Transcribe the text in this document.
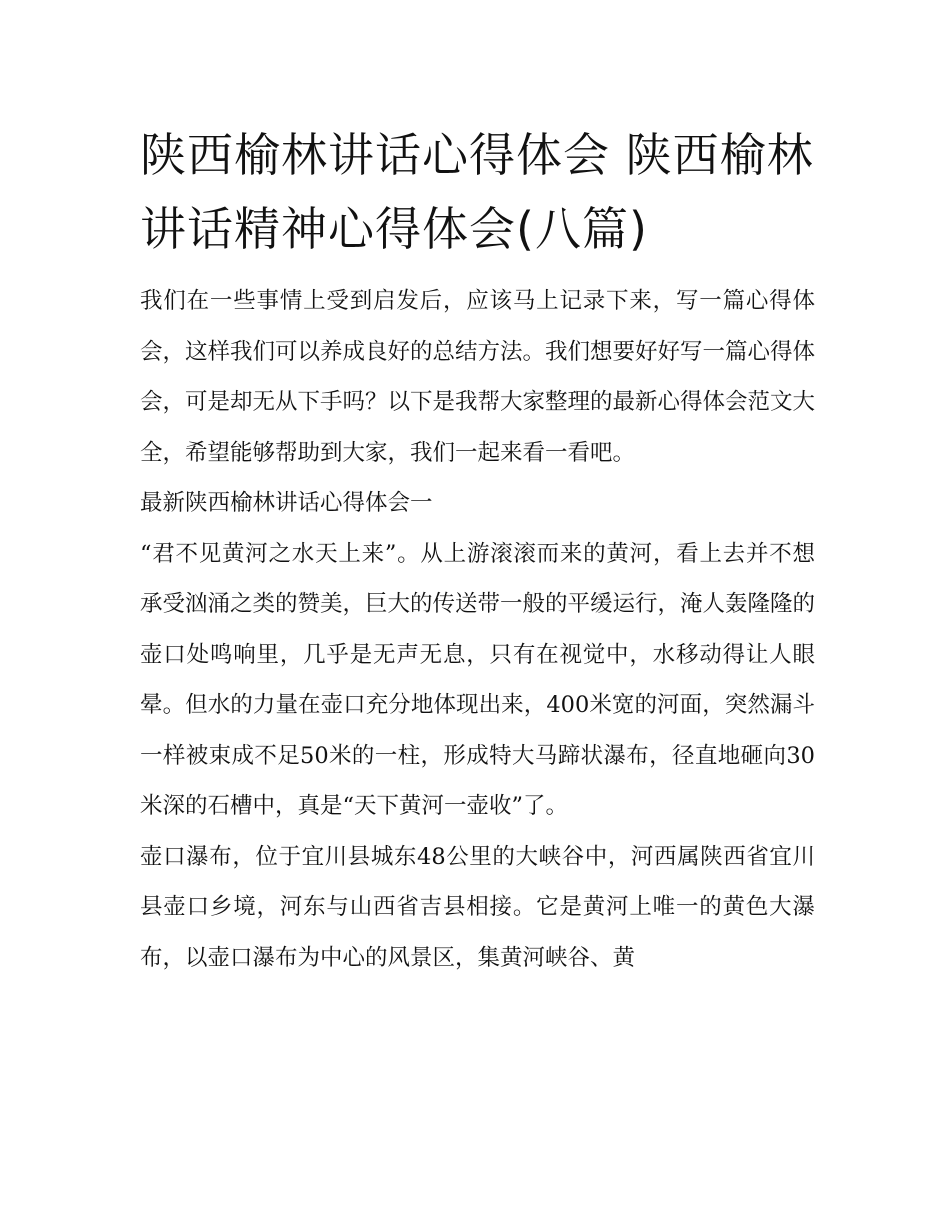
陕西榆林讲话心得体会 陕西榆林讲话精神心得体会(八篇)

我们在一些事情上受到启发后，应该马上记录下来，写一篇心得体会，这样我们可以养成良好的总结方法。我们想要好好写一篇心得体会，可是却无从下手吗？以下是我帮大家整理的最新心得体会范文大全，希望能够帮助到大家，我们一起来看一看吧。

最新陕西榆林讲话心得体会一

“君不见黄河之水天上来”。从上游滚滚而来的黄河，看上去并不想承受汹涌之类的赞美，巨大的传送带一般的平缓运行，淹人轰隆隆的壶口处鸣响里，几乎是无声无息，只有在视觉中，水移动得让人眼晕。但水的力量在壶口充分地体现出来，400米宽的河面，突然漏斗一样被束成不足50米的一柱，形成特大马蹄状瀑布，径直地砸向30米深的石槽中，真是“天下黄河一壶收”了。

壶口瀑布，位于宜川县城东48公里的大峡谷中，河西属陕西省宜川县壶口乡境，河东与山西省吉县相接。它是黄河上唯一的黄色大瀑布，以壶口瀑布为中心的风景区，集黄河峡谷、黄
